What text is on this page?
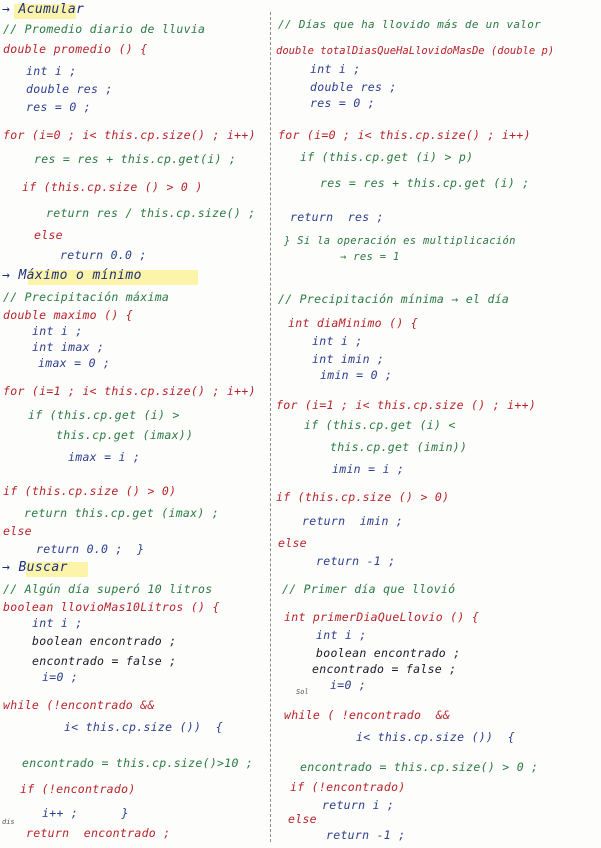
→ Acumular
// Promedio diario de lluvia
double promedio () {
int i ;
double res ;
res = 0 ;
for (i=0 ; i< this.cp.size() ; i++)
res = res + this.cp.get(i) ;
if (this.cp.size () > 0 )
return res / this.cp.size() ;
else
return 0.0 ;
→ Máximo o mínimo
// Precipitación máxima
double maximo () {
int i ;
int imax ;
imax = 0 ;
for (i=1 ; i< this.cp.size() ; i++)
if (this.cp.get (i) >
this.cp.get (imax))
imax = i ;
if (this.cp.size () > 0)
return this.cp.get (imax) ;
else
return 0.0 ;  }
→ Buscar
// Algún día superó 10 litros
boolean llovioMas10Litros () {
int i ;
boolean encontrado ;
encontrado = false ;
i=0 ;
while (!encontrado &&
i< this.cp.size ())  {
encontrado = this.cp.size()>10 ;
if (!encontrado)
i++ ;      }
dis
return  encontrado ;
// Días que ha llovido más de un valor
double totalDiasQueHaLlovidoMasDe (double p)
int i ;
double res ;
res = 0 ;
for (i=0 ; i< this.cp.size() ; i++)
if (this.cp.get (i) > p)
res = res + this.cp.get (i) ;
return  res ;
} Si la operación es multiplicación
→ res = 1
// Precipitación mínima → el día
int diaMinimo () {
int i ;
int imin ;
imin = 0 ;
for (i=1 ; i< this.cp.size () ; i++)
if (this.cp.get (i) <
this.cp.get (imin))
imin = i ;
if (this.cp.size () > 0)
return  imin ;
else
return -1 ;
// Primer día que llovió
int primerDiaQueLlovio () {
int i ;
boolean encontrado ;
encontrado = false ;
Sol i=0 ;
while ( !encontrado  &&
i< this.cp.size ())  {
encontrado = this.cp.size() > 0 ;
if (!encontrado)
return i ;
else
return -1 ;
